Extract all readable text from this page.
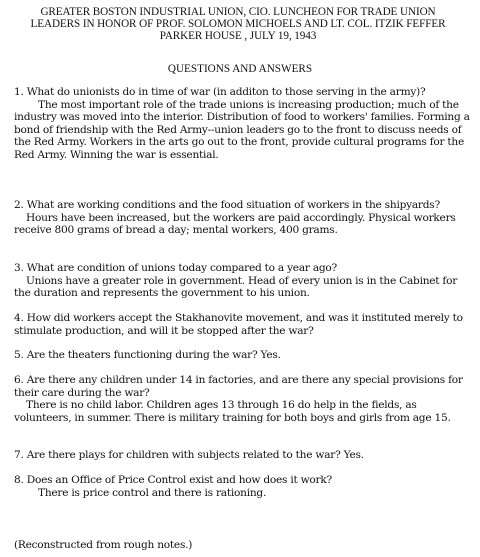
GREATER BOSTON INDUSTRIAL UNION, CIO. LUNCHEON FOR TRADE UNION
LEADERS IN HONOR OF PROF. SOLOMON MICHOELS AND LT. COL. ITZIK FEFFER
PARKER HOUSE , JULY 19, 1943
QUESTIONS AND ANSWERS

1. What do unionists do in time of war (in additon to those serving in the army)?

The most important role of the trade unions is increasing production; much of the industry was moved into the interior. Distribution of food to workers' families. Forming a bond of friendship with the Red Army--union leaders go to the front to discuss needs of the Red Army. Workers in the arts go out to the front, provide cultural programs for the Red Army. Winning the war is essential.

2. What are working conditions and the food situation of workers in the shipyards?

Hours have been increased, but the workers are paid accordingly. Physical workers receive 800 grams of bread a day; mental workers, 400 grams.

3. What are condition of unions today compared to a year ago?

Unions have a greater role in government. Head of every union is in the Cabinet for the duration and represents the government to his union.

4. How did workers accept the Stakhanovite movement, and was it instituted merely to stimulate production, and will it be stopped after the war?

5. Are the theaters functioning during the war? Yes.

6. Are there any children under 14 in factories, and are there any special provisions for their care during the war?

There is no child labor. Children ages 13 through 16 do help in the fields, as volunteers, in summer. There is military training for both boys and girls from age 15.

7. Are there plays for children with subjects related to the war? Yes.

8. Does an Office of Price Control exist and how does it work?

There is price control and there is rationing.

(Reconstructed from rough notes.)
